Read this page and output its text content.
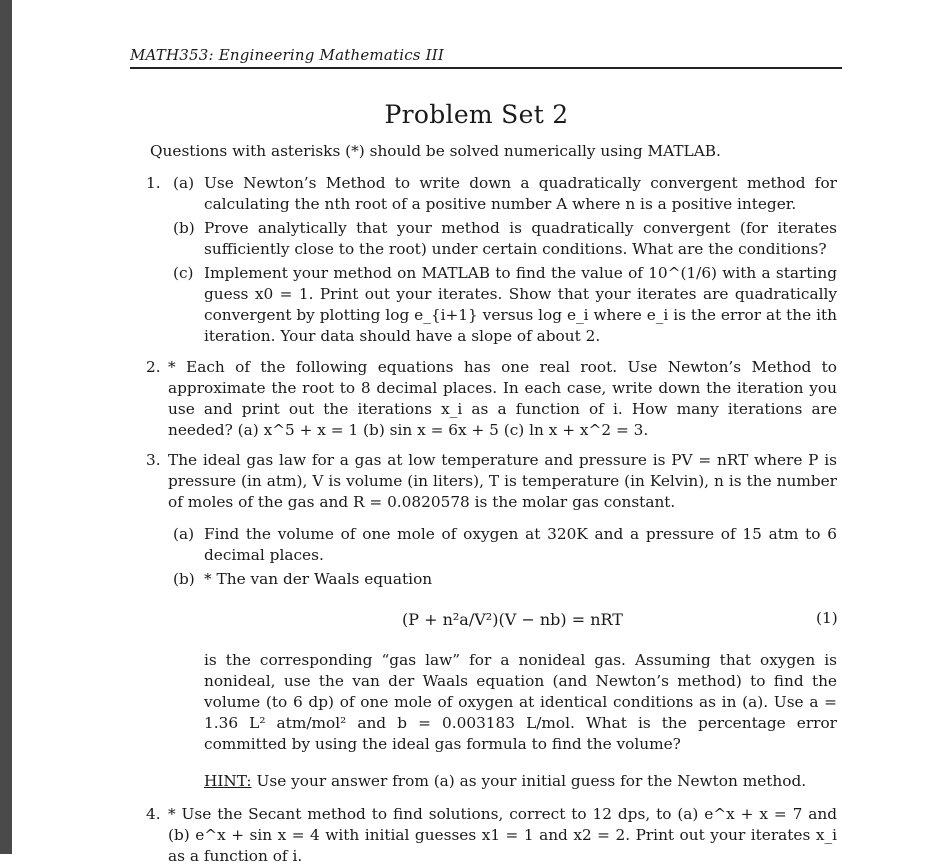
MATH353: Engineering Mathematics III
Problem Set 2
Questions with asterisks (*) should be solved numerically using MATLAB.
1. (a) Use Newton’s Method to write down a quadratically convergent method for calculating the nth root of a positive number A where n is a positive integer.
(b) Prove analytically that your method is quadratically convergent (for iterates sufficiently close to the root) under certain conditions. What are the conditions?
(c) Implement your method on MATLAB to find the value of 10^(1/6) with a starting guess x0 = 1. Print out your iterates. Show that your iterates are quadratically convergent by plotting log e_{i+1} versus log e_i where e_i is the error at the ith iteration. Your data should have a slope of about 2.
2. * Each of the following equations has one real root. Use Newton’s Method to approximate the root to 8 decimal places. In each case, write down the iteration you use and print out the iterations x_i as a function of i. How many iterations are needed? (a) x^5 + x = 1 (b) sin x = 6x + 5 (c) ln x + x^2 = 3.
3. The ideal gas law for a gas at low temperature and pressure is PV = nRT where P is pressure (in atm), V is volume (in liters), T is temperature (in Kelvin), n is the number of moles of the gas and R = 0.0820578 is the molar gas constant.
(a) Find the volume of one mole of oxygen at 320K and a pressure of 15 atm to 6 decimal places.
(b) * The van der Waals equation
(P + n²a/V²)(V − nb) = nRT	(1)
is the corresponding “gas law” for a nonideal gas. Assuming that oxygen is nonideal, use the van der Waals equation (and Newton’s method) to find the volume (to 6 dp) of one mole of oxygen at identical conditions as in (a). Use a = 1.36 L² atm/mol² and b = 0.003183 L/mol. What is the percentage error committed by using the ideal gas formula to find the volume?
HINT: Use your answer from (a) as your initial guess for the Newton method.
4. * Use the Secant method to find solutions, correct to 12 dps, to (a) e^x + x = 7 and (b) e^x + sin x = 4 with initial guesses x1 = 1 and x2 = 2. Print out your iterates x_i as a function of i.
